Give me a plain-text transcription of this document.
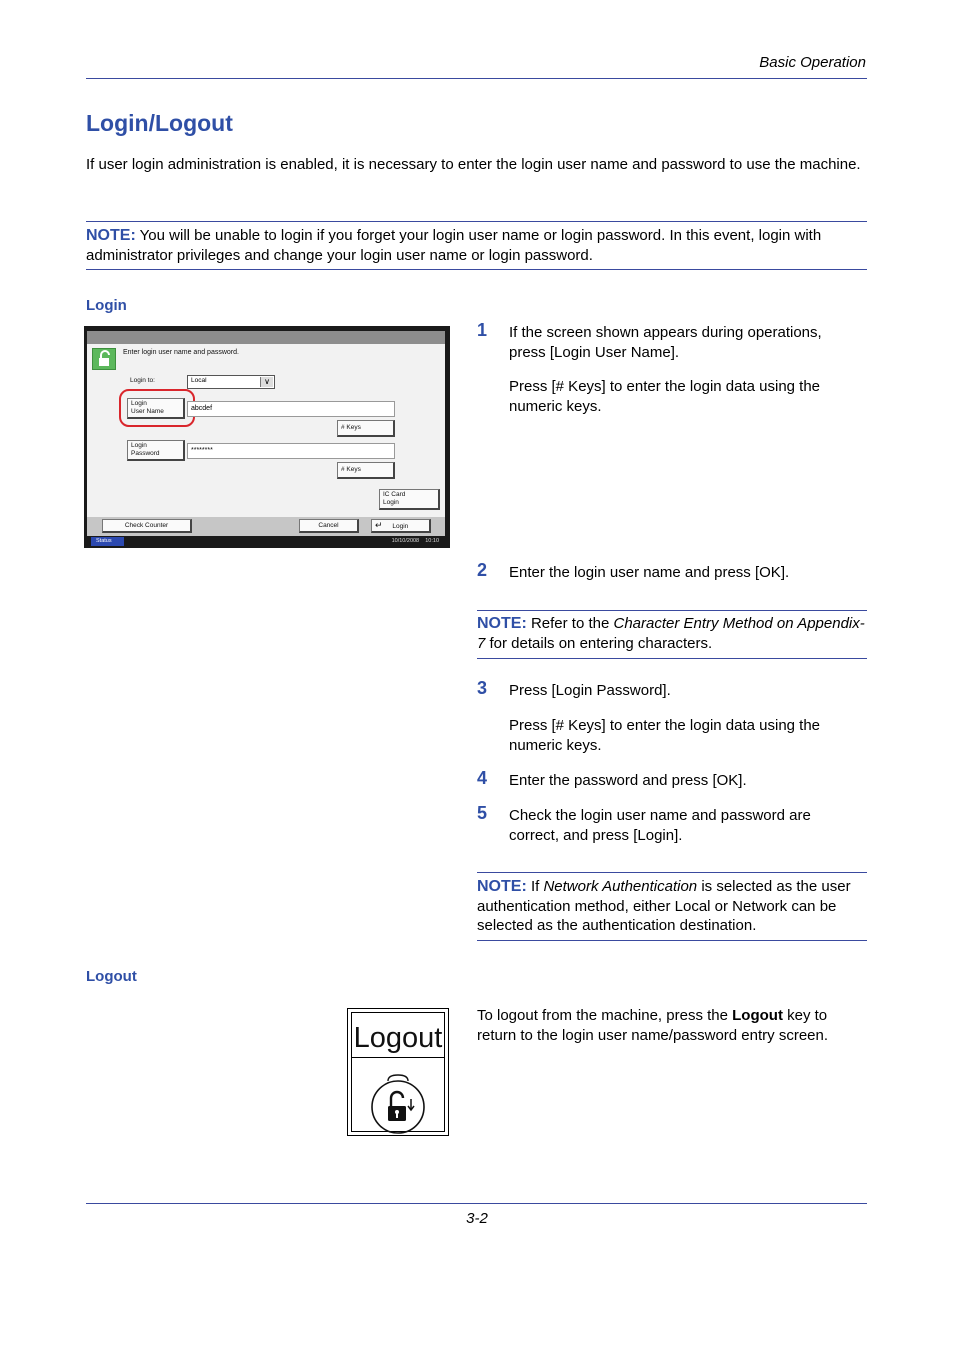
Basic Operation
Login/Logout
If user login administration is enabled, it is necessary to enter the login user name and password to use the machine.
NOTE: You will be unable to login if you forget your login user name or login password. In this event, login with administrator privileges and change your login user name or login password.
Login
Enter login user name and password.
Login to:	Local	∨
Login
User Name	abcdef
# Keys
Login
Password	********
# Keys
IC Card
Login
Check Counter	Cancel	↵ Login
Status	10/10/2008    10:10
1 If the screen shown appears during operations, press [Login User Name].
Press [# Keys] to enter the login data using the numeric keys.
2 Enter the login user name and press [OK].
NOTE: Refer to the Character Entry Method on Appendix-7 for details on entering characters.
3 Press [Login Password].
Press [# Keys] to enter the login data using the numeric keys.
4 Enter the password and press [OK].
5 Check the login user name and password are correct, and press [Login].
NOTE: If Network Authentication is selected as the user authentication method, either Local or Network can be selected as the authentication destination.
Logout
Logout
To logout from the machine, press the Logout key to return to the login user name/password entry screen.
3-2
